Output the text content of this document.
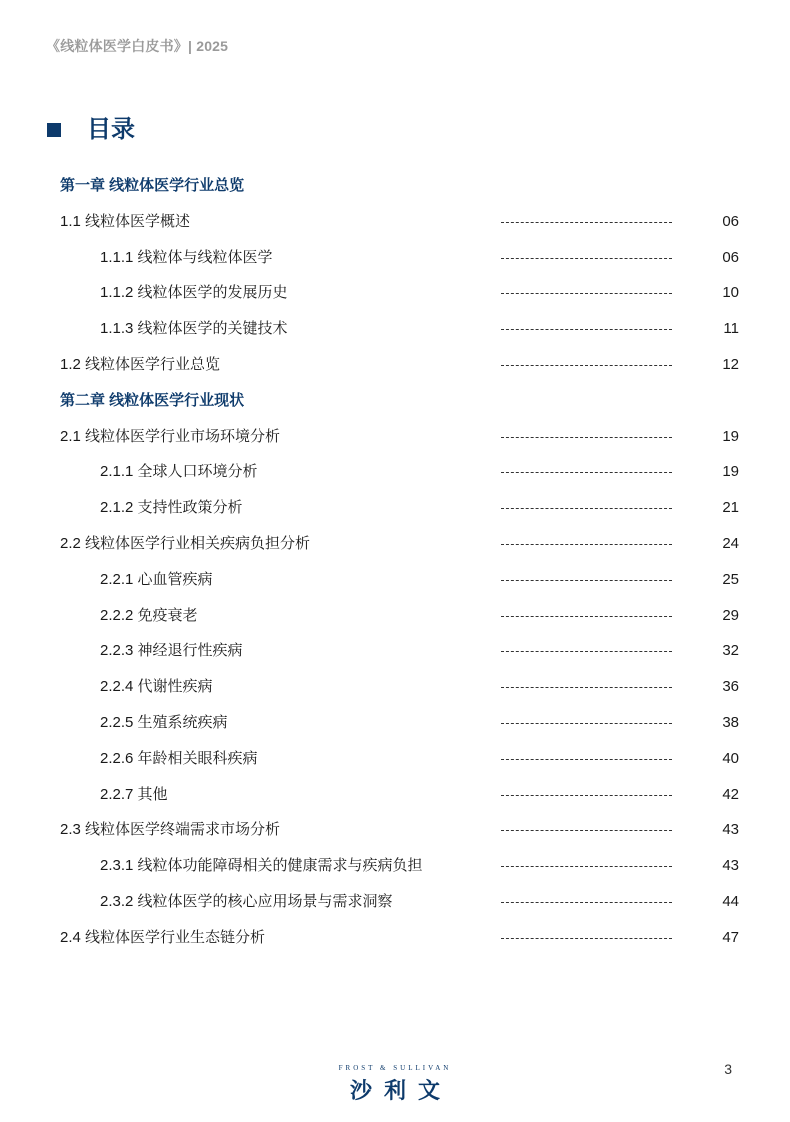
《线粒体医学白皮书》| 2025
目录
第一章 线粒体医学行业总览
1.1 线粒体医学概述	06
1.1.1 线粒体与线粒体医学	06
1.1.2 线粒体医学的发展历史	10
1.1.3 线粒体医学的关键技术	11
1.2 线粒体医学行业总览	12
第二章 线粒体医学行业现状
2.1 线粒体医学行业市场环境分析	19
2.1.1 全球人口环境分析	19
2.1.2 支持性政策分析	21
2.2 线粒体医学行业相关疾病负担分析	24
2.2.1 心血管疾病	25
2.2.2 免疫衰老	29
2.2.3 神经退行性疾病	32
2.2.4 代谢性疾病	36
2.2.5 生殖系统疾病	38
2.2.6 年龄相关眼科疾病	40
2.2.7 其他	42
2.3 线粒体医学终端需求市场分析	43
2.3.1 线粒体功能障碍相关的健康需求与疾病负担	43
2.3.2 线粒体医学的核心应用场景与需求洞察	44
2.4 线粒体医学行业生态链分析	47
FROST & SULLIVAN
沙利文
3
